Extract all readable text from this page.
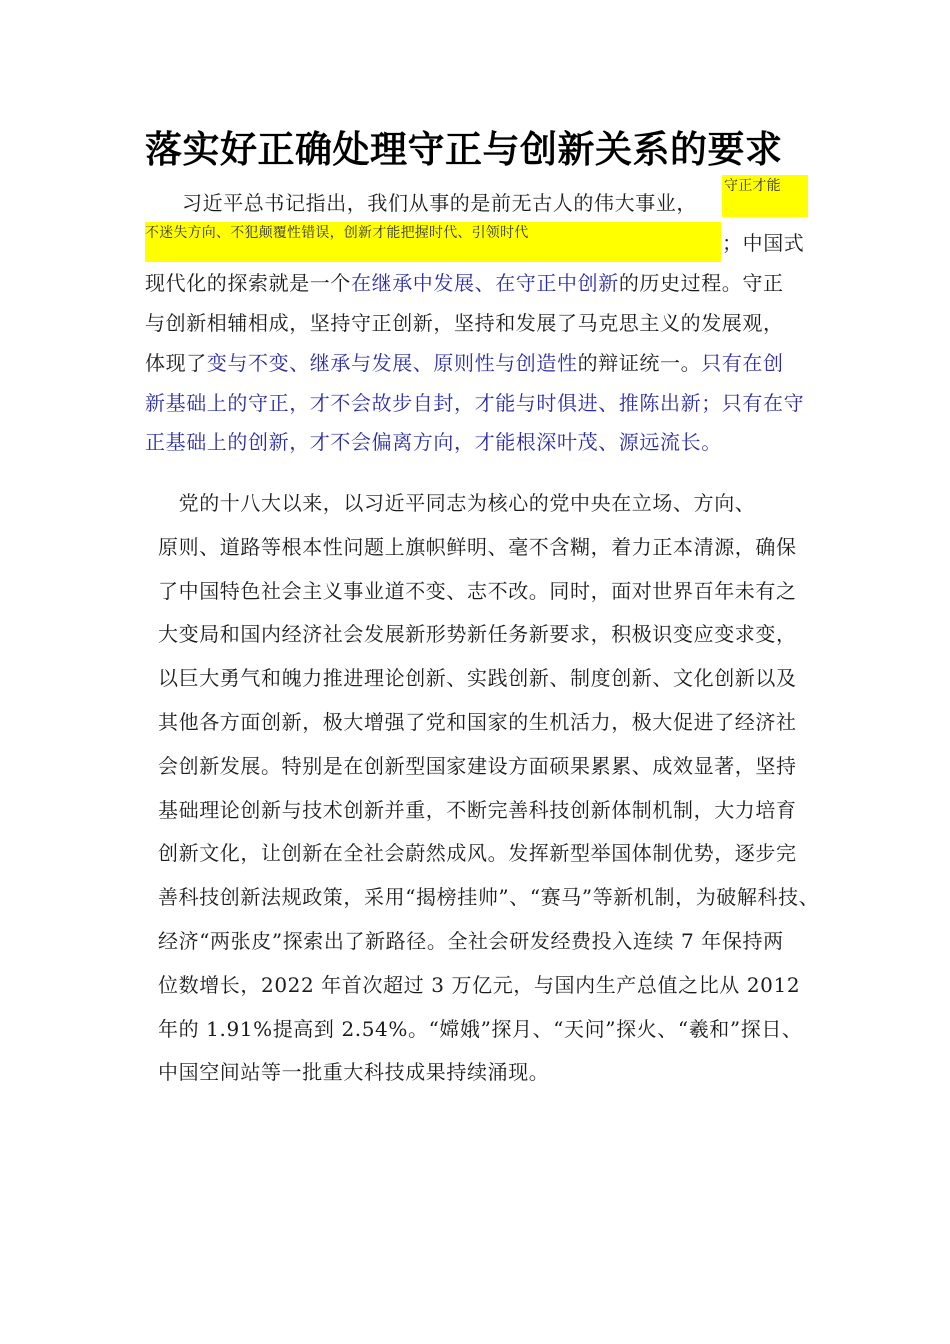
落实好正确处理守正与创新关系的要求
习近平总书记指出，我们从事的是前无古人的伟大事业，
守正才能
不迷失方向、不犯颠覆性错误，创新才能把握时代、引领时代	；中国式
现代化的探索就是一个在继承中发展、在守正中创新的历史过程。守正
与创新相辅相成，坚持守正创新，坚持和发展了马克思主义的发展观，
体现了变与不变、继承与发展、原则性与创造性的辩证统一。只有在创
新基础上的守正，才不会故步自封，才能与时俱进、推陈出新；只有在守
正基础上的创新，才不会偏离方向，才能根深叶茂、源远流长。
　党的十八大以来，以习近平同志为核心的党中央在立场、方向、
原则、道路等根本性问题上旗帜鲜明、毫不含糊，着力正本清源，确保
了中国特色社会主义事业道不变、志不改。同时，面对世界百年未有之
大变局和国内经济社会发展新形势新任务新要求，积极识变应变求变，
以巨大勇气和魄力推进理论创新、实践创新、制度创新、文化创新以及
其他各方面创新，极大增强了党和国家的生机活力，极大促进了经济社
会创新发展。特别是在创新型国家建设方面硕果累累、成效显著，坚持
基础理论创新与技术创新并重，不断完善科技创新体制机制，大力培育
创新文化，让创新在全社会蔚然成风。发挥新型举国体制优势，逐步完
善科技创新法规政策，采用“揭榜挂帅”、“赛马”等新机制，为破解科技、
经济“两张皮”探索出了新路径。全社会研发经费投入连续 7 年保持两
位数增长，2022 年首次超过 3 万亿元，与国内生产总值之比从 2012
年的 1.91%提高到 2.54%。“嫦娥”探月、“天问”探火、“羲和”探日、
中国空间站等一批重大科技成果持续涌现。
